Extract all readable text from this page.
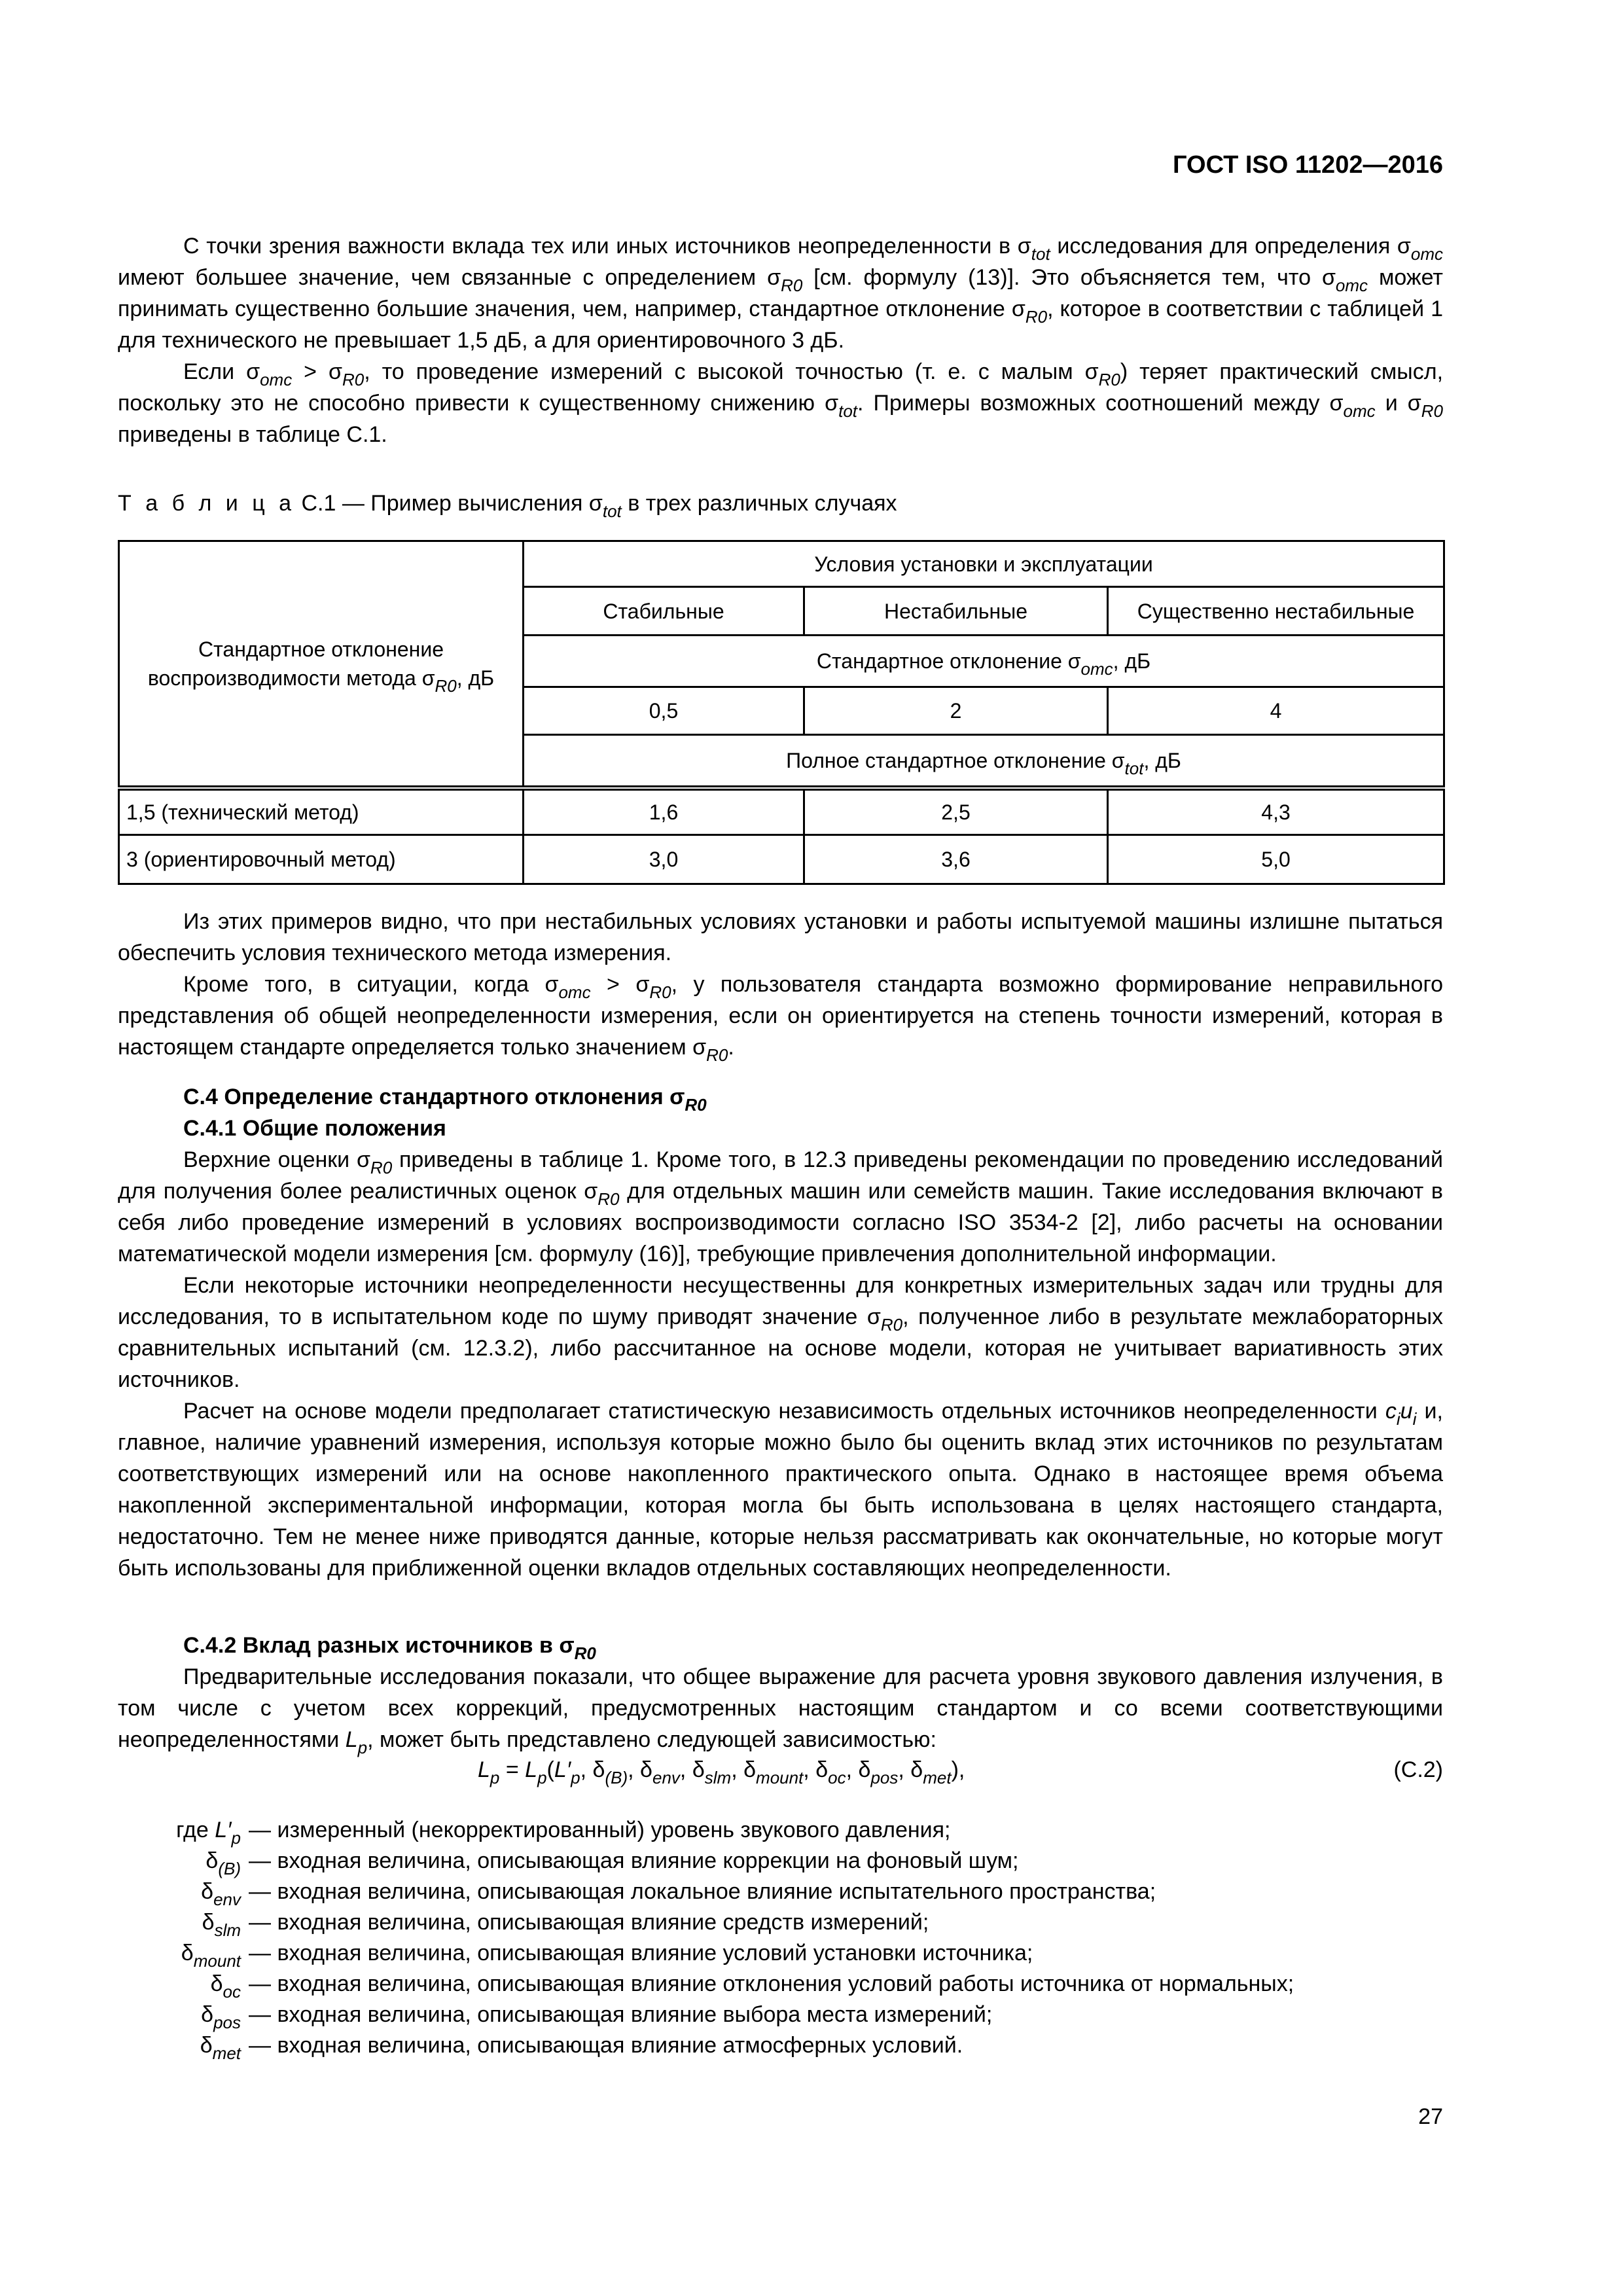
ГОСТ ISO 11202—2016

С точки зрения важности вклада тех или иных источников неопределенности в $\sigma_{tot}$ исследования для определения $\sigma_{omc}$ имеют большее значение, чем связанные с определением $\sigma_{R0}$ [см. формулу (13)]. Это объясняется тем, что $\sigma_{omc}$ может принимать существенно большие значения, чем, например, стандартное отклонение $\sigma_{R0}$, которое в соответствии с таблицей 1 для технического не превышает 1,5 дБ, а для ориентировочного 3 дБ.

Если $\sigma_{omc} > \sigma_{R0}$, то проведение измерений с высокой точностью (т. е. с малым $\sigma_{R0}$) теряет практический смысл, поскольку это не способно привести к существенному снижению $\sigma_{tot}$. Примеры возможных соотношений между $\sigma_{omc}$ и $\sigma_{R0}$ приведены в таблице С.1.

Т а б л и ц а С.1 — Пример вычисления $\sigma_{tot}$ в трех различных случаях
Стандартное отклонение воспроизводимости метода $\sigma_{R0}$, дБ	Условия установки и эксплуатации		
	Стабильные	Нестабильные	Существенно нестабильные
	Стандартное отклонение $\sigma_{omc}$, дБ		
	0,5	2	4
	Полное стандартное отклонение $\sigma_{tot}$, дБ		
1,5 (технический метод)	1,6	2,5	4,3
3 (ориентировочный метод)	3,0	3,6	5,0

Из этих примеров видно, что при нестабильных условиях установки и работы испытуемой машины излишне пытаться обеспечить условия технического метода измерения.

Кроме того, в ситуации, когда $\sigma_{omc} > \sigma_{R0}$, у пользователя стандарта возможно формирование неправильного представления об общей неопределенности измерения, если он ориентируется на степень точности измерений, которая в настоящем стандарте определяется только значением $\sigma_{R0}$.

С.4 Определение стандартного отклонения $\sigma_{R0}$

С.4.1 Общие положения

Верхние оценки $\sigma_{R0}$ приведены в таблице 1. Кроме того, в 12.3 приведены рекомендации по проведению исследований для получения более реалистичных оценок $\sigma_{R0}$ для отдельных машин или семейств машин. Такие исследования включают в себя либо проведение измерений в условиях воспроизводимости согласно ISO 3534-2 [2], либо расчеты на основании математической модели измерения [см. формулу (16)], требующие привлечения дополнительной информации.

Если некоторые источники неопределенности несущественны для конкретных измерительных задач или трудны для исследования, то в испытательном коде по шуму приводят значение $\sigma_{R0}$, полученное либо в результате межлабораторных сравнительных испытаний (см. 12.3.2), либо рассчитанное на основе модели, которая не учитывает вариативность этих источников.

Расчет на основе модели предполагает статистическую независимость отдельных источников неопределенности $c_iu_i$ и, главное, наличие уравнений измерения, используя которые можно было бы оценить вклад этих источников по результатам соответствующих измерений или на основе накопленного практического опыта. Однако в настоящее время объема накопленной экспериментальной информации, которая могла бы быть использована в целях настоящего стандарта, недостаточно. Тем не менее ниже приводятся данные, которые нельзя рассматривать как окончательные, но которые могут быть использованы для приближенной оценки вкладов отдельных составляющих неопределенности.

С.4.2 Вклад разных источников в $\sigma_{R0}$

Предварительные исследования показали, что общее выражение для расчета уровня звукового давления излучения, в том числе с учетом всех коррекций, предусмотренных настоящим стандартом и со всеми соответствующими неопределенностями $L_p$, может быть представлено следующей зависимостью:

$L_p = L_p(L'_p$, $\delta_{(B)}$, $\delta_{env}$, $\delta_{slm}$, $\delta_{mount}$, $\delta_{oc}$, $\delta_{pos}$, $\delta_{met}$),	(С.2)
где $L'_p$ — измеренный (некорректированный) уровень звукового давления;
$\delta_{(B)}$ — входная величина, описывающая влияние коррекции на фоновый шум;
$\delta_{env}$ — входная величина, описывающая локальное влияние испытательного пространства;
$\delta_{slm}$ — входная величина, описывающая влияние средств измерений;
$\delta_{mount}$ — входная величина, описывающая влияние условий установки источника;
$\delta_{oc}$ — входная величина, описывающая влияние отклонения условий работы источника от нормальных;
$\delta_{pos}$ — входная величина, описывающая влияние выбора места измерений;
$\delta_{met}$ — входная величина, описывающая влияние атмосферных условий.
27
